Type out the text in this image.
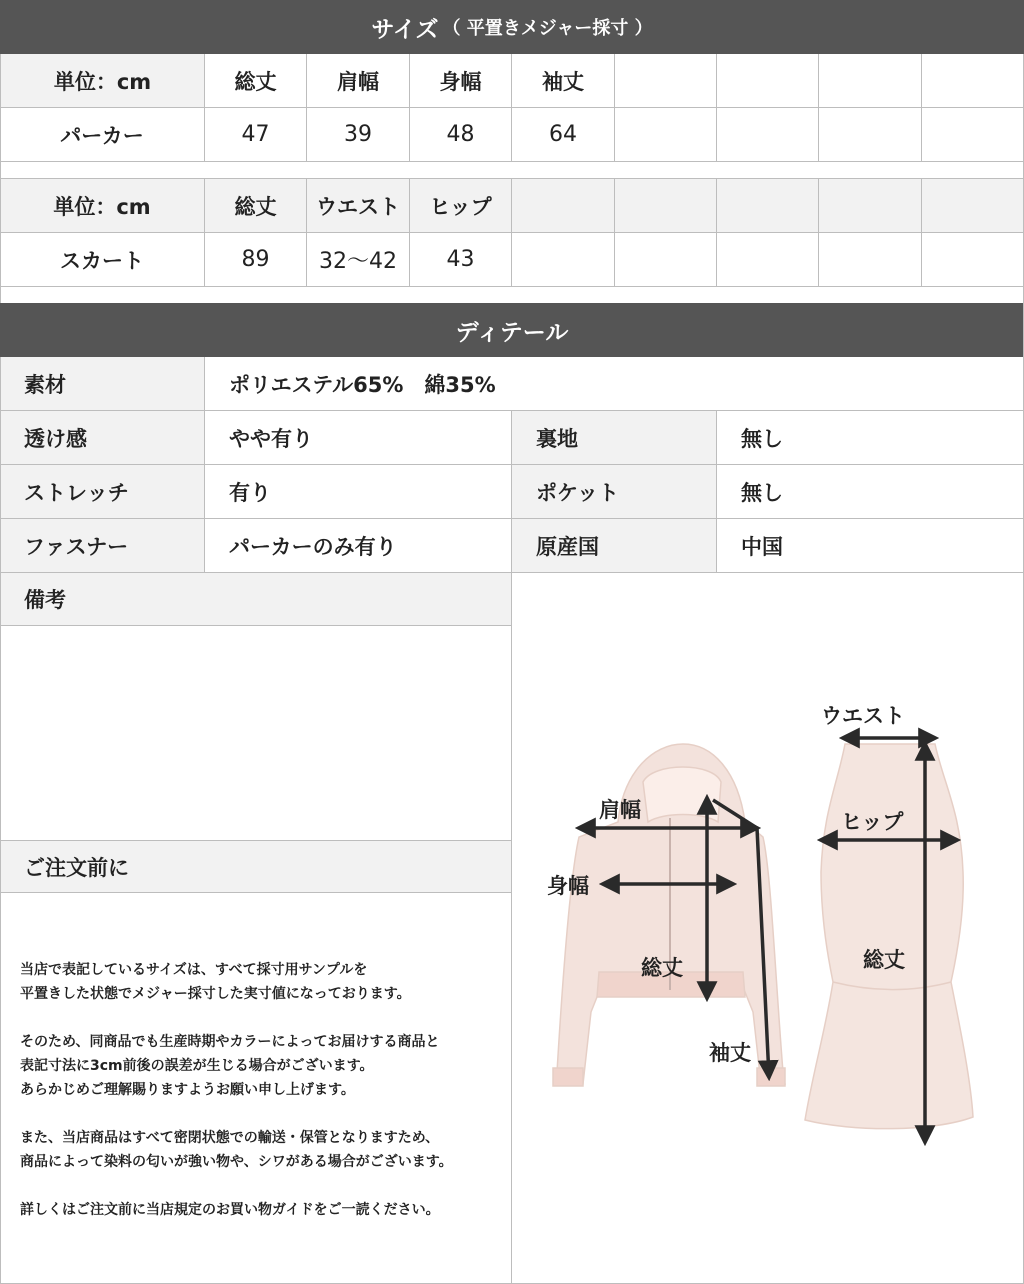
サイズ （ 平置きメジャー採寸 ）
単位：cm	総丈	肩幅	身幅	袖丈
パーカー	47	39	48	64
単位：cm	総丈	ウエスト	ヒップ
スカート	89	32〜42	43
ディテール
素材	ポリエステル65%　綿35%
透け感	やや有り	裏地	無し
ストレッチ	有り	ポケット	無し
ファスナー	パーカーのみ有り	原産国	中国
備考
ご注文前に

当店で表記しているサイズは、すべて採寸用サンプルを
平置きした状態でメジャー採寸した実寸値になっております。

そのため、同商品でも生産時期やカラーによってお届けする商品と
表記寸法に3cm前後の誤差が生じる場合がございます。
あらかじめご理解賜りますようお願い申し上げます。

また、当店商品はすべて密閉状態での輸送・保管となりますため、
商品によって染料の匂いが強い物や、シワがある場合がございます。

詳しくはご注文前に当店規定のお買い物ガイドをご一読ください。

肩幅
身幅
総丈
袖丈
ウエスト
ヒップ
総丈
